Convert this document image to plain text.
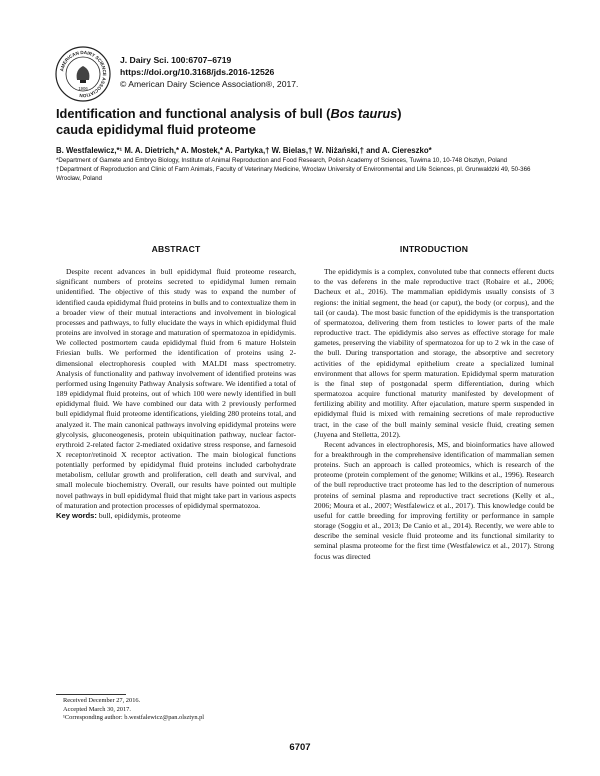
AMERICAN DAIRY SCIENCE ASSOCIATION
1906
J. Dairy Sci. 100:6707–6719
https://doi.org/10.3168/jds.2016-12526
© American Dairy Science Association®, 2017.
Identification and functional analysis of bull (Bos taurus)
cauda epididymal fluid proteome
B. Westfalewicz,*¹ M. A. Dietrich,* A. Mostek,* A. Partyka,† W. Bielas,† W. Niżański,† and A. Ciereszko*

*Department of Gamete and Embryo Biology, Institute of Animal Reproduction and Food Research, Polish Academy of Sciences, Tuwima 10, 10-748 Olsztyn, Poland

†Department of Reproduction and Clinic of Farm Animals, Faculty of Veterinary Medicine, Wroclaw University of Environmental and Life Sciences, pl. Grunwaldzki 49, 50-366 Wrocław, Poland

ABSTRACT

Despite recent advances in bull epididymal fluid proteome research, significant numbers of proteins secreted to epididymal lumen remain unidentified. The objective of this study was to expand the number of identified cauda epididymal fluid proteins in bulls and to contextualize them in a broader view of their mutual interactions and involvement in biological processes and pathways, to fully elucidate the ways in which epididymal fluid proteins are involved in storage and maturation of spermatozoa in epididymis. We collected postmortem cauda epididymal fluid from 6 mature Holstein Friesian bulls. We performed the identification of proteins using 2-dimensional electrophoresis coupled with MALDI mass spectrometry. Analysis of functionality and pathway involvement of identified proteins was performed using Ingenuity Pathway Analysis software. We identified a total of 189 epididymal fluid proteins, out of which 100 were newly identified in bull epididymal fluid. We have combined our data with 2 previously performed bull epididymal fluid proteome identifications, yielding 280 proteins total, and analyzed it. The main canonical pathways involving epididymal proteins were glycolysis, gluconeogenesis, protein ubiquitination pathway, nuclear factor-erythroid 2-related factor 2-mediated oxidative stress response, and farnesoid X receptor/retinoid X receptor activation. The main biological functions potentially performed by epididymal fluid proteins included carbohydrate metabolism, cellular growth and proliferation, cell death and survival, and small molecule biochemistry. Overall, our results have pointed out multiple novel pathways in bull epididymal fluid that might take part in various aspects of maturation and protection processes of epididymal spermatozoa.

Key words: bull, epididymis, proteome

INTRODUCTION

The epididymis is a complex, convoluted tube that connects efferent ducts to the vas deferens in the male reproductive tract (Robaire et al., 2006; Dacheux et al., 2016). The mammalian epididymis usually consists of 3 regions: the initial segment, the head (or caput), the body (or corpus), and the tail (or cauda). The most basic function of the epididymis is the transportation of spermatozoa, delivering them from testicles to lower parts of the male reproductive tract. The epididymis also serves as effective storage for male gametes, preserving the viability of spermatozoa for up to 2 wk in the case of the bull. During transportation and storage, the absorptive and secretory activities of the epididymal epithelium create a specialized luminal environment that allows for sperm maturation. Epididymal sperm maturation is the final step of postgonadal sperm differentiation, during which spermatozoa acquire functional maturity manifested by development of fertilizing ability and motility. After ejaculation, mature sperm suspended in epididymal fluid is mixed with remaining secretions of male reproductive tract, in the case of the bull mainly seminal vesicle fluid, creating semen (Juyena and Stelletta, 2012).

Recent advances in electrophoresis, MS, and bioinformatics have allowed for a breakthrough in the comprehensive identification of mammalian semen proteins. Such an approach is called proteomics, which is research of the proteome (protein complement of the genome; Wilkins et al., 1996). Research of the bull reproductive tract proteome has led to the description of numerous proteins of seminal plasma and reproductive tract secretions (Kelly et al., 2006; Moura et al., 2007; Westfalewicz et al., 2017). This knowledge could be useful for cattle breeding for improving fertility or performance in sample storage (Soggiu et al., 2013; De Canio et al., 2014). Recently, we were able to describe the seminal vesicle fluid proteome and its functional similarity to seminal plasma proteome for the first time (Westfalewicz et al., 2017). Strong focus was directed

Received December 27, 2016.
Accepted March 30, 2017.
¹Corresponding author: b.westfalewicz@pan.olsztyn.pl
6707
